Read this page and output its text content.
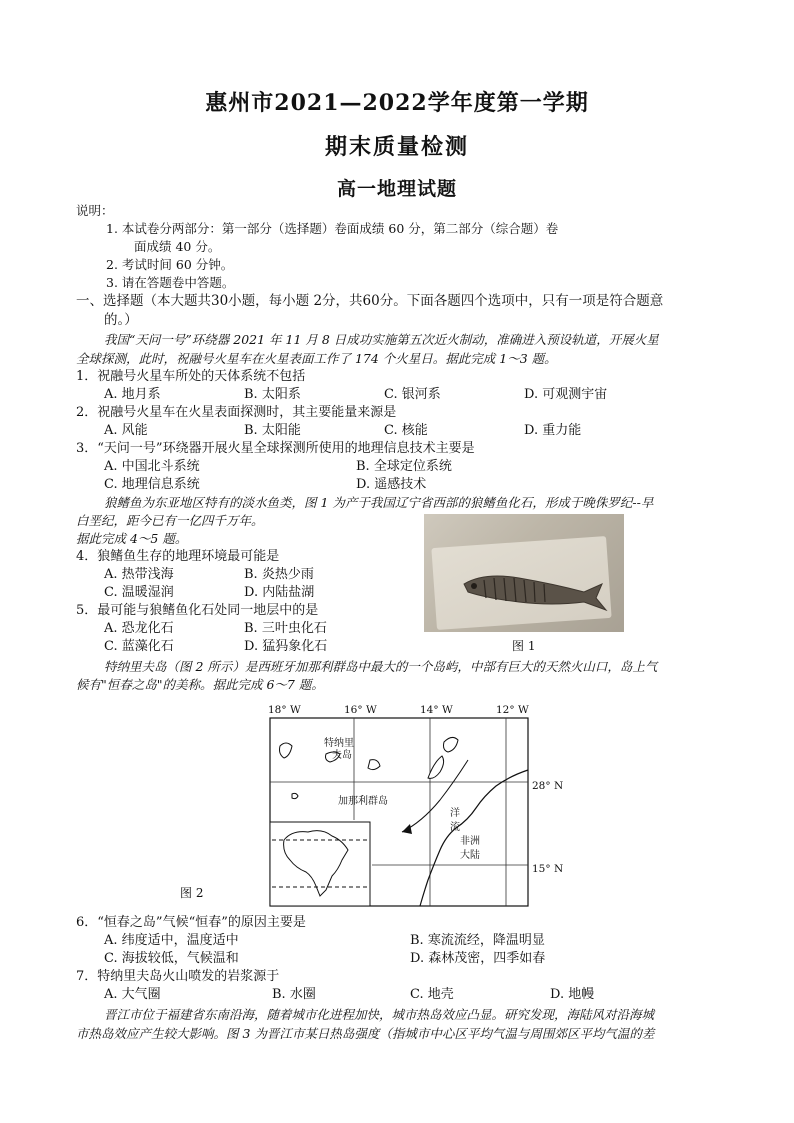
惠州市2021—2022学年度第一学期
期末质量检测
高一地理试题
说明：
1. 本试卷分两部分：第一部分（选择题）卷面成绩 60 分，第二部分（综合题）卷
面成绩 40 分。
2. 考试时间 60 分钟。
3. 请在答题卷中答题。
一、选择题（本大题共30小题，每小题 2分，共60分。下面各题四个选项中，只有一项是符合题意
的。）
我国“天问一号”环绕器 2021 年 11 月 8 日成功实施第五次近火制动，准确进入预设轨道，开展火星
全球探测，此时，祝融号火星车在火星表面工作了 174 个火星日。据此完成 1～3 题。
1．祝融号火星车所处的天体系统不包括
A. 地月系	B. 太阳系	C. 银河系	D. 可观测宇宙
2．祝融号火星车在火星表面探测时，其主要能量来源是
A. 风能	B. 太阳能	C. 核能	D. 重力能
3．“天问一号”环绕器开展火星全球探测所使用的地理信息技术主要是
A. 中国北斗系统	B. 全球定位系统
C. 地理信息系统	D. 遥感技术
狼鳍鱼为东亚地区特有的淡水鱼类，图 1 为产于我国辽宁省西部的狼鳍鱼化石，形成于晚侏罗纪--早
白垩纪，距今已有一亿四千万年。
据此完成 4～5 题。
图 1
4．狼鳍鱼生存的地理环境最可能是
A. 热带浅海	B. 炎热少雨
C. 温暖湿润	D. 内陆盐湖
5．最可能与狼鳍鱼化石处同一地层中的是
A. 恐龙化石	B. 三叶虫化石
C. 蓝藻化石	D. 猛犸象化石
特纳里夫岛（图 2 所示）是西班牙加那利群岛中最大的一个岛屿，中部有巨大的天然火山口，岛上气
候有"恒春之岛"的美称。据此完成 6～7 题。
18° W	16° W	14° W	12° W
28° N
15° N
特纳里
夫岛
加那利群岛
洋
流
非洲
大陆
图 2
6．“恒春之岛”气候“恒春”的原因主要是
A. 纬度适中，温度适中	B. 寒流流经，降温明显
C. 海拔较低，气候温和	D. 森林茂密，四季如春
7．特纳里夫岛火山喷发的岩浆源于
A. 大气圈	B. 水圈	C. 地壳	D. 地幔
晋江市位于福建省东南沿海，随着城市化进程加快，城市热岛效应凸显。研究发现，海陆风对沿海城
市热岛效应产生较大影响。图 3 为晋江市某日热岛强度（指城市中心区平均气温与周围郊区平均气温的差
